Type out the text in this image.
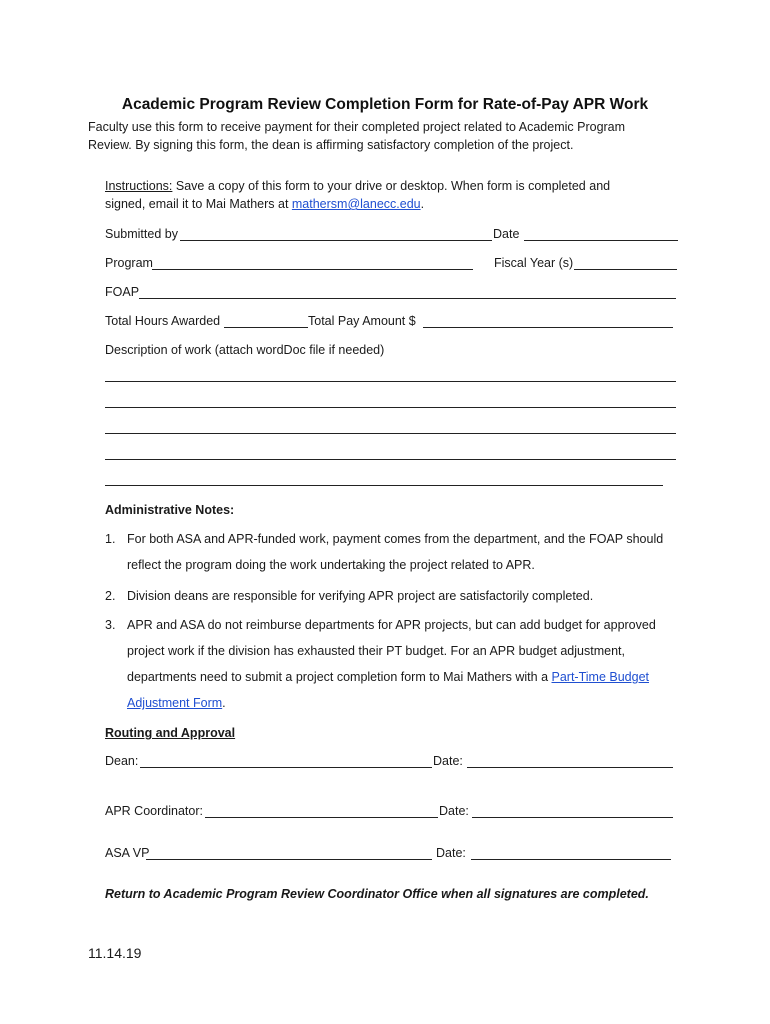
Academic Program Review Completion Form for Rate-of-Pay APR Work
Faculty use this form to receive payment for their completed project related to Academic Program
Review. By signing this form, the dean is affirming satisfactory completion of the project.
Instructions: Save a copy of this form to your drive or desktop. When form is completed and
signed, email it to Mai Mathers at mathersm@lanecc.edu.
Submitted by	Date
Program	Fiscal Year (s)
FOAP
Total Hours Awarded	Total Pay Amount $
Description of work (attach wordDoc file if needed)
Administrative Notes:
1. For both ASA and APR-funded work, payment comes from the department, and the FOAP should
reflect the program doing the work undertaking the project related to APR.
2. Division deans are responsible for verifying APR project are satisfactorily completed.
3. APR and ASA do not reimburse departments for APR projects, but can add budget for approved
project work if the division has exhausted their PT budget. For an APR budget adjustment,
departments need to submit a project completion form to Mai Mathers with a Part-Time Budget
Adjustment Form.
Routing and Approval
Dean:	Date:
APR Coordinator:	Date:
ASA VP	Date:
Return to Academic Program Review Coordinator Office when all signatures are completed.
11.14.19
